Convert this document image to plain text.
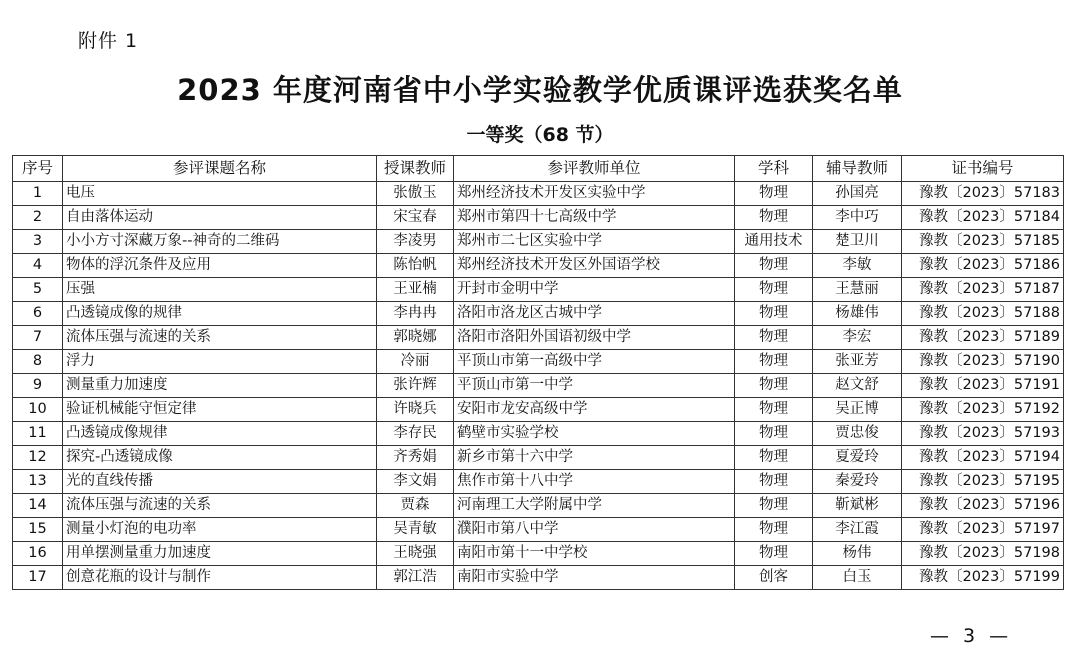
附件 1
2023 年度河南省中小学实验教学优质课评选获奖名单
一等奖（68 节）
序号	参评课题名称	授课教师	参评教师单位	学科	辅导教师	证书编号
1	电压	张傲玉	郑州经济技术开发区实验中学	物理	孙国亮	豫教〔2023〕57183
2	自由落体运动	宋宝春	郑州市第四十七高级中学	物理	李中巧	豫教〔2023〕57184
3	小小方寸深藏万象--神奇的二维码	李凌男	郑州市二七区实验中学	通用技术	楚卫川	豫教〔2023〕57185
4	物体的浮沉条件及应用	陈怡帆	郑州经济技术开发区外国语学校	物理	李敏	豫教〔2023〕57186
5	压强	王亚楠	开封市金明中学	物理	王慧丽	豫教〔2023〕57187
6	凸透镜成像的规律	李冉冉	洛阳市洛龙区古城中学	物理	杨雄伟	豫教〔2023〕57188
7	流体压强与流速的关系	郭晓娜	洛阳市洛阳外国语初级中学	物理	李宏	豫教〔2023〕57189
8	浮力	冷丽	平顶山市第一高级中学	物理	张亚芳	豫教〔2023〕57190
9	测量重力加速度	张许辉	平顶山市第一中学	物理	赵文舒	豫教〔2023〕57191
10	验证机械能守恒定律	许晓兵	安阳市龙安高级中学	物理	吴正博	豫教〔2023〕57192
11	凸透镜成像规律	李存民	鹤壁市实验学校	物理	贾忠俊	豫教〔2023〕57193
12	探究-凸透镜成像	齐秀娟	新乡市第十六中学	物理	夏爱玲	豫教〔2023〕57194
13	光的直线传播	李文娟	焦作市第十八中学	物理	秦爱玲	豫教〔2023〕57195
14	流体压强与流速的关系	贾森	河南理工大学附属中学	物理	靳斌彬	豫教〔2023〕57196
15	测量小灯泡的电功率	吴青敏	濮阳市第八中学	物理	李江霞	豫教〔2023〕57197
16	用单摆测量重力加速度	王晓强	南阳市第十一中学校	物理	杨伟	豫教〔2023〕57198
17	创意花瓶的设计与制作	郭江浩	南阳市实验中学	创客	白玉	豫教〔2023〕57199
— 3 —
